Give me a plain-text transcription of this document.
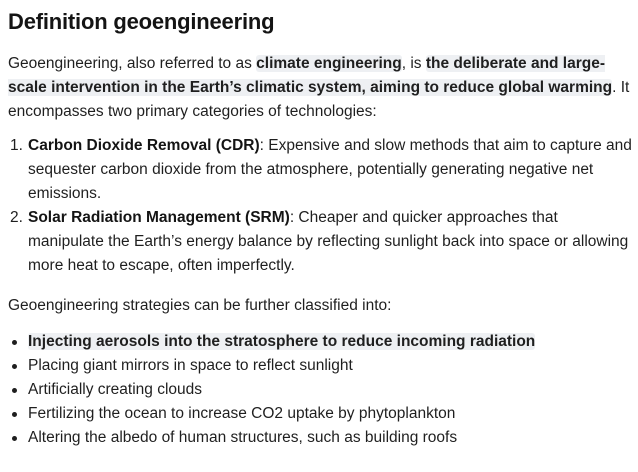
Definition geoengineering

Geoengineering, also referred to as climate engineering, is the deliberate and large-scale intervention in the Earth’s climatic system, aiming to reduce global warming. It encompasses two primary categories of technologies:

1. Carbon Dioxide Removal (CDR): Expensive and slow methods that aim to capture and sequester carbon dioxide from the atmosphere, potentially generating negative net emissions.
2. Solar Radiation Management (SRM): Cheaper and quicker approaches that manipulate the Earth’s energy balance by reflecting sunlight back into space or allowing more heat to escape, often imperfectly.

Geoengineering strategies can be further classified into:

Injecting aerosols into the stratosphere to reduce incoming radiation
Placing giant mirrors in space to reflect sunlight
Artificially creating clouds
Fertilizing the ocean to increase CO2 uptake by phytoplankton
Altering the albedo of human structures, such as building roofs
